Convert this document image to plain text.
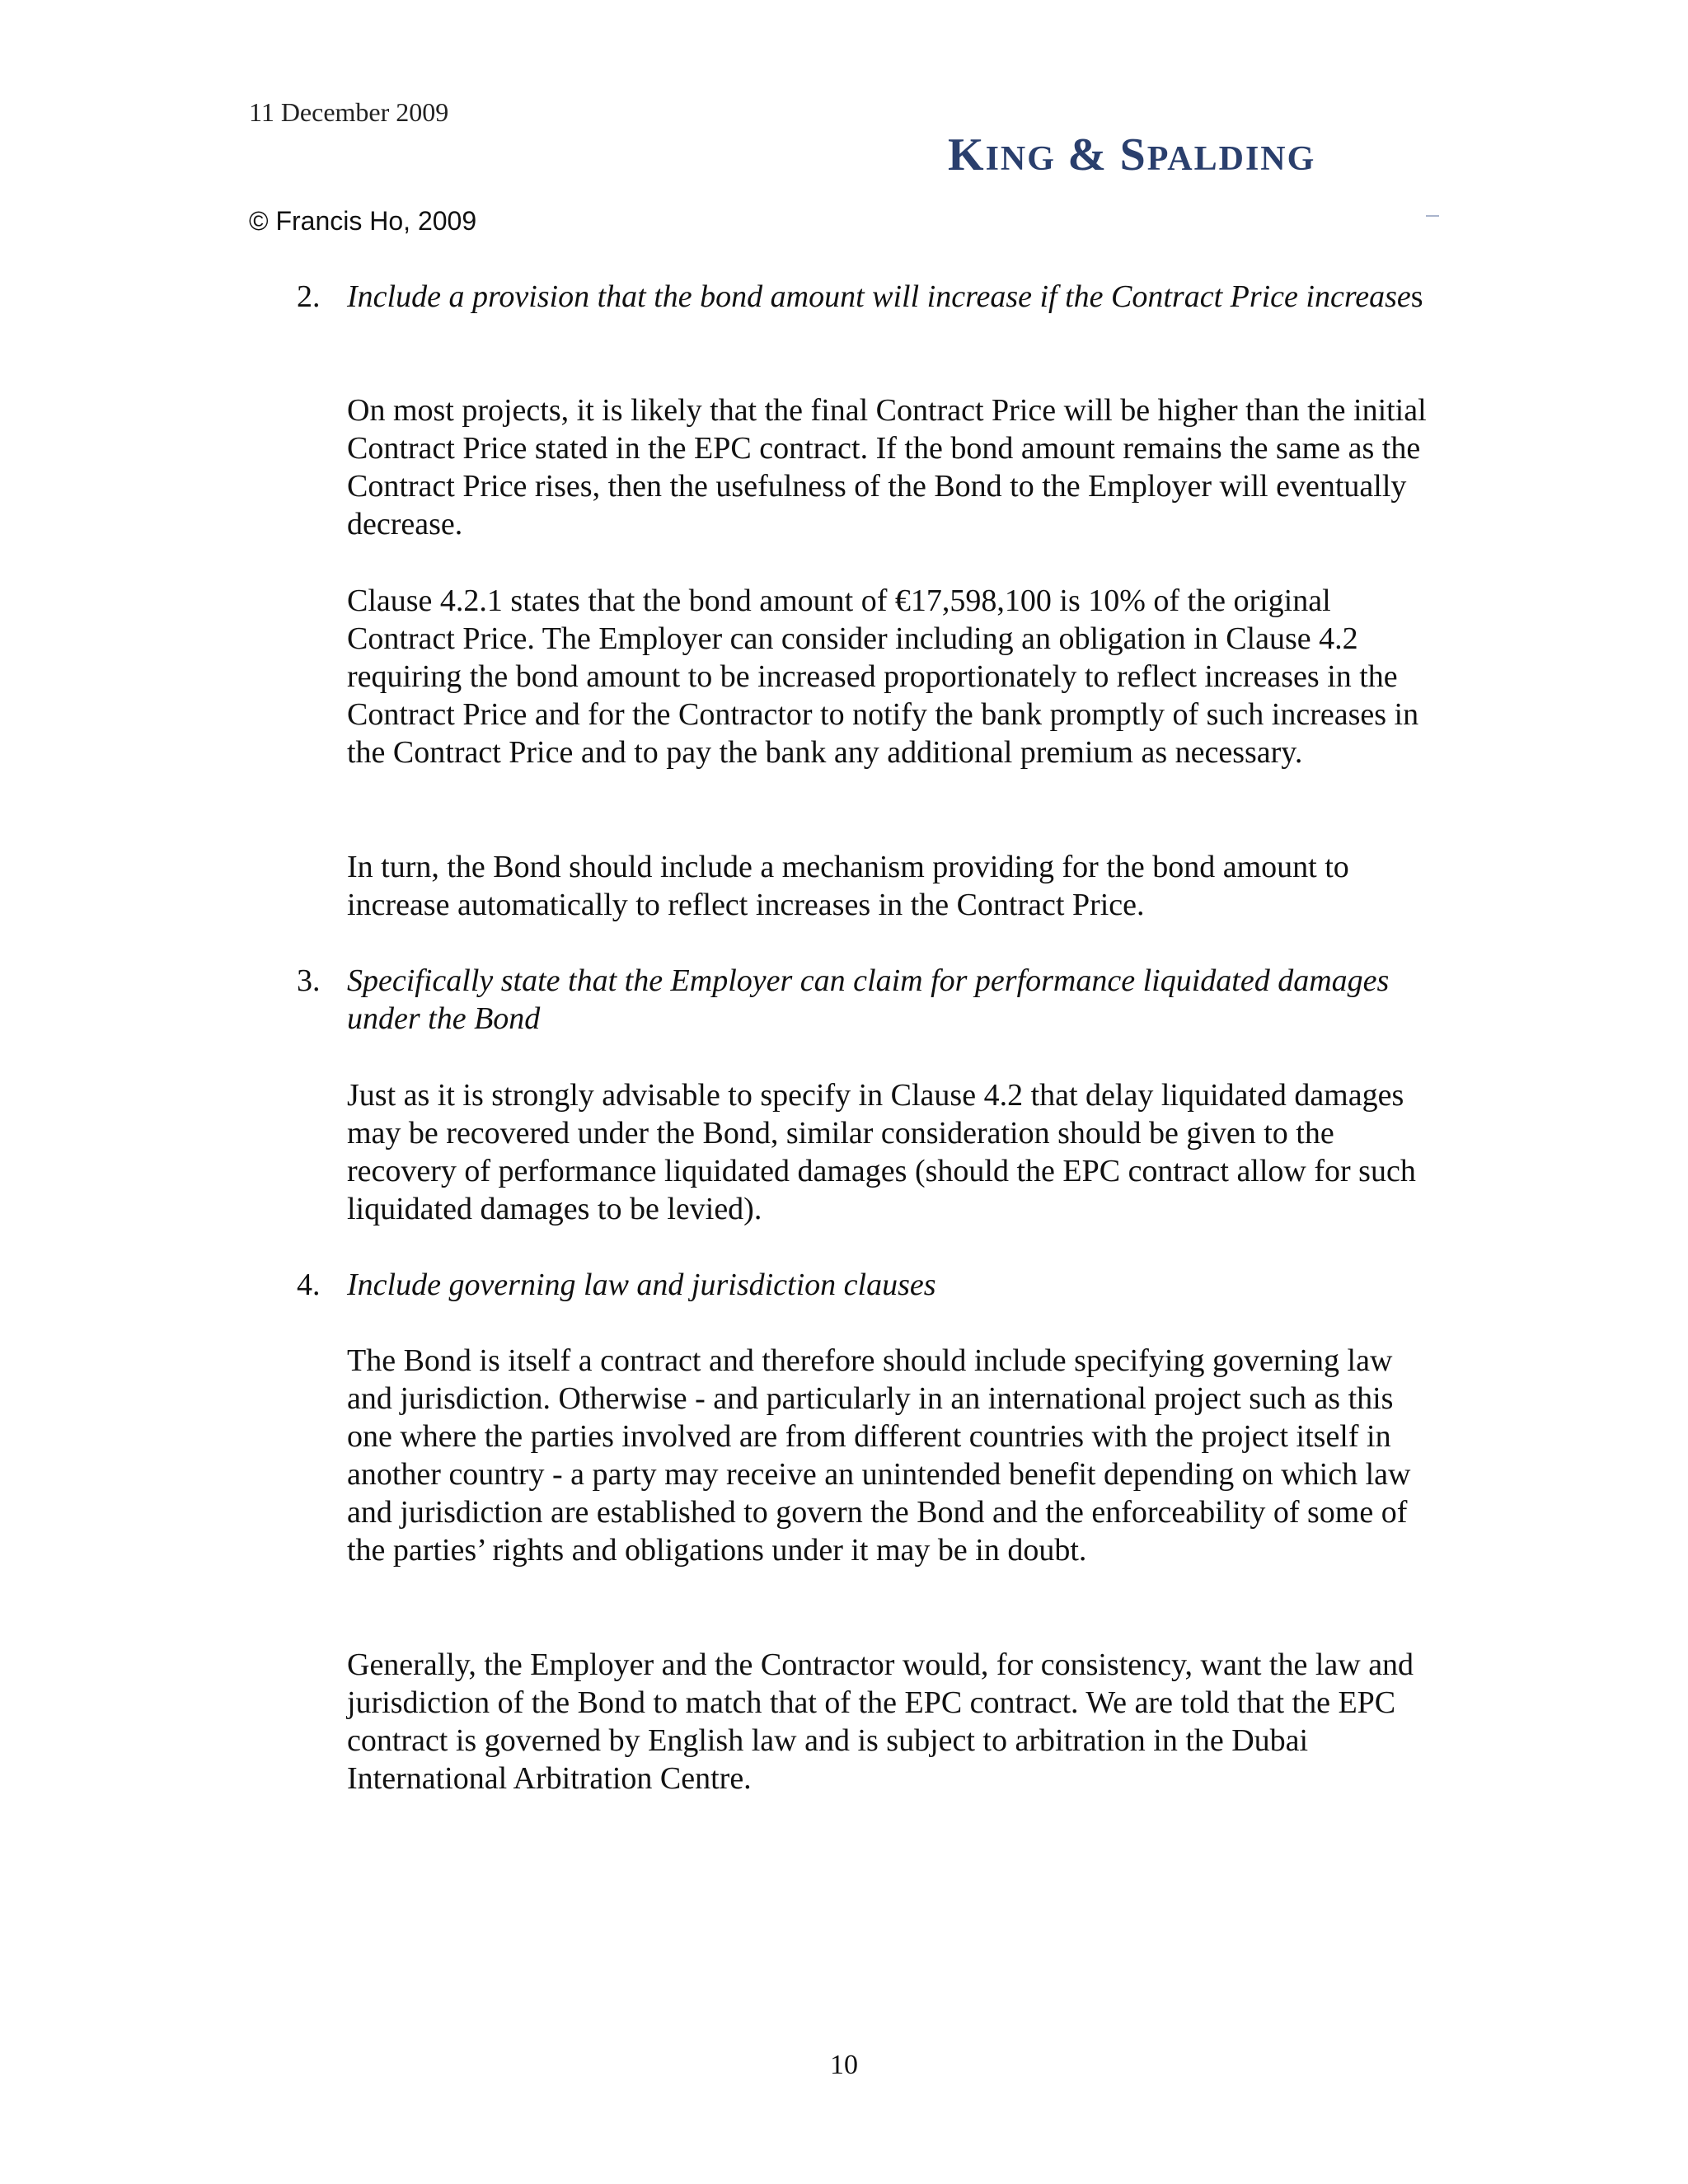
11 December 2009
KING & SPALDING
© Francis Ho, 2009
2. Include a provision that the bond amount will increase if the Contract Price increases
On most projects, it is likely that the final Contract Price will be higher than the initial Contract Price stated in the EPC contract. If the bond amount remains the same as the Contract Price rises, then the usefulness of the Bond to the Employer will eventually decrease.
Clause 4.2.1 states that the bond amount of €17,598,100 is 10% of the original Contract Price. The Employer can consider including an obligation in Clause 4.2 requiring the bond amount to be increased proportionately to reflect increases in the Contract Price and for the Contractor to notify the bank promptly of such increases in the Contract Price and to pay the bank any additional premium as necessary.
In turn, the Bond should include a mechanism providing for the bond amount to increase automatically to reflect increases in the Contract Price.
3. Specifically state that the Employer can claim for performance liquidated damages under the Bond
Just as it is strongly advisable to specify in Clause 4.2 that delay liquidated damages may be recovered under the Bond, similar consideration should be given to the recovery of performance liquidated damages (should the EPC contract allow for such liquidated damages to be levied).
4. Include governing law and jurisdiction clauses
The Bond is itself a contract and therefore should include specifying governing law and jurisdiction. Otherwise - and particularly in an international project such as this one where the parties involved are from different countries with the project itself in another country - a party may receive an unintended benefit depending on which law and jurisdiction are established to govern the Bond and the enforceability of some of the parties’ rights and obligations under it may be in doubt.
Generally, the Employer and the Contractor would, for consistency, want the law and jurisdiction of the Bond to match that of the EPC contract. We are told that the EPC contract is governed by English law and is subject to arbitration in the Dubai International Arbitration Centre.
10
